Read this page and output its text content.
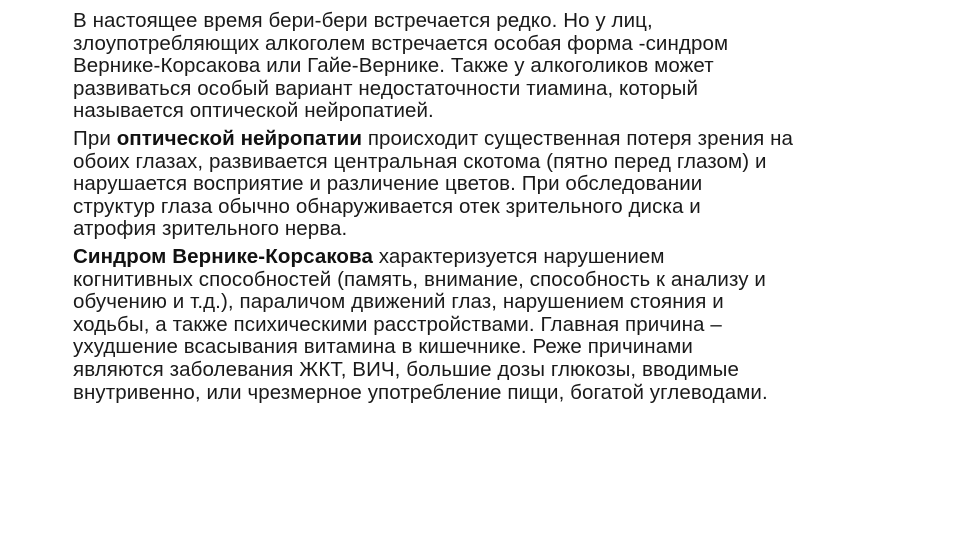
В настоящее время бери-бери встречается редко. Но у лиц,
злоупотребляющих алкоголем встречается особая форма -синдром
Вернике-Корсакова или Гайе-Вернике. Также у алкоголиков может
развиваться особый вариант недостаточности тиамина, который
называется оптической нейропатией.

При оптической нейропатии происходит существенная потеря зрения на
обоих глазах, развивается центральная скотома (пятно перед глазом) и
нарушается восприятие и различение цветов. При обследовании
структур глаза обычно обнаруживается отек зрительного диска и
атрофия зрительного нерва.

Синдром Вернике-Корсакова характеризуется нарушением
когнитивных способностей (память, внимание, способность к анализу и
обучению и т.д.), параличом движений глаз, нарушением стояния и
ходьбы, а также психическими расстройствами. Главная причина –
ухудшение всасывания витамина в кишечнике. Реже причинами
являются заболевания ЖКТ, ВИЧ, большие дозы глюкозы, вводимые
внутривенно, или чрезмерное употребление пищи, богатой углеводами.
